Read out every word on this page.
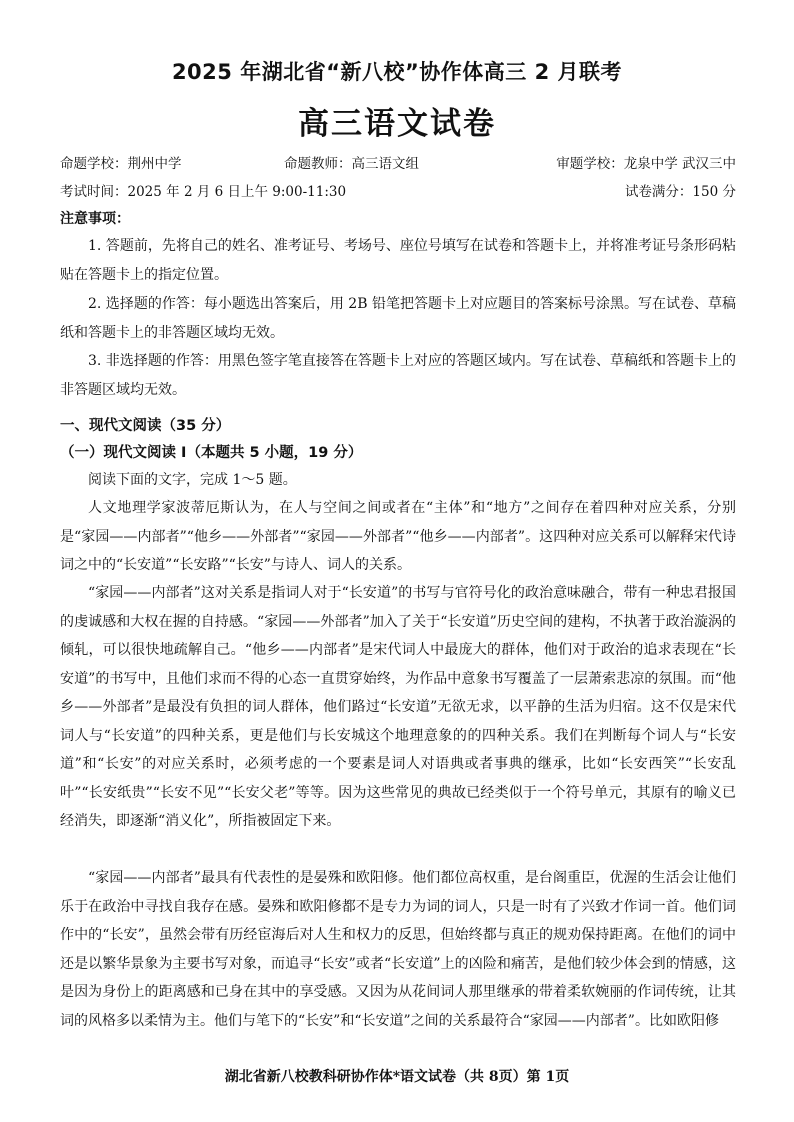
2025 年湖北省“新八校”协作体高三 2 月联考
高三语文试卷
命题学校：荆州中学	命题教师：高三语文组	审题学校：龙泉中学 武汉三中
考试时间：2025 年 2 月 6 日上午 9:00-11:30	试卷满分：150 分
注意事项：
1. 答题前，先将自己的姓名、准考证号、考场号、座位号填写在试卷和答题卡上，并将准考证号条形码粘贴在答题卡上的指定位置。
2. 选择题的作答：每小题选出答案后，用 2B 铅笔把答题卡上对应题目的答案标号涂黑。写在试卷、草稿纸和答题卡上的非答题区域均无效。
3. 非选择题的作答：用黑色签字笔直接答在答题卡上对应的答题区域内。写在试卷、草稿纸和答题卡上的非答题区域均无效。
一、现代文阅读（35 分）
（一）现代文阅读 I（本题共 5 小题，19 分）
阅读下面的文字，完成 1～5 题。
人文地理学家波蒂厄斯认为，在人与空间之间或者在“主体”和“地方”之间存在着四种对应关系，分别是“家园——内部者”“他乡——外部者”“家园——外部者”“他乡——内部者”。这四种对应关系可以解释宋代诗词之中的“长安道”“长安路”“长安”与诗人、词人的关系。
“家园——内部者”这对关系是指词人对于“长安道”的书写与官符号化的政治意味融合，带有一种忠君报国的虔诚感和大权在握的自持感。“家园——外部者”加入了关于“长安道”历史空间的建构，不执著于政治漩涡的倾轧，可以很快地疏解自己。“他乡——内部者”是宋代词人中最庞大的群体，他们对于政治的追求表现在“长安道”的书写中，且他们求而不得的心态一直贯穿始终，为作品中意象书写覆盖了一层萧索悲凉的氛围。而“他乡——外部者”是最没有负担的词人群体，他们路过“长安道”无欲无求，以平静的生活为归宿。这不仅是宋代词人与“长安道”的四种关系，更是他们与长安城这个地理意象的的四种关系。我们在判断每个词人与“长安道”和“长安”的对应关系时，必须考虑的一个要素是词人对语典或者事典的继承，比如“长安西笑”“长安乱叶”“长安纸贵”“长安不见”“长安父老”等等。因为这些常见的典故已经类似于一个符号单元，其原有的喻义已经消失，即逐渐“消义化”，所指被固定下来。
“家园——内部者”最具有代表性的是晏殊和欧阳修。他们都位高权重，是台阁重臣，优渥的生活会让他们乐于在政治中寻找自我存在感。晏殊和欧阳修都不是专力为词的词人，只是一时有了兴致才作词一首。他们词作中的“长安”，虽然会带有历经宦海后对人生和权力的反思，但始终都与真正的规劝保持距离。在他们的词中还是以繁华景象为主要书写对象，而追寻“长安”或者“长安道”上的凶险和痛苦，是他们较少体会到的情感，这是因为身份上的距离感和已身在其中的享受感。又因为从花间词人那里继承的带着柔软婉丽的作词传统，让其词的风格多以柔情为主。他们与笔下的“长安”和“长安道”之间的关系最符合“家园——内部者”。比如欧阳修
湖北省新八校教科研协作体*语文试卷（共 8页）第 1页
